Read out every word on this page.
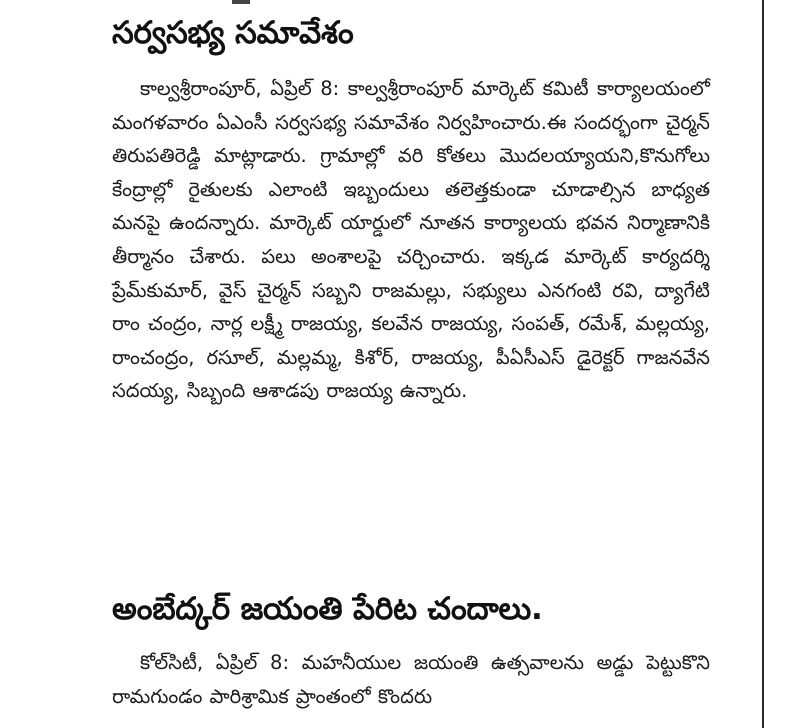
సర్వసభ్య సమావేశం

కాల్వశ్రీరాంపూర్, ఏప్రిల్ 8: కాల్వశ్రీరాంపూర్ మార్కెట్ కమిటీ కార్యాలయంలో మంగళవారం ఏఎంసీ సర్వసభ్య సమావేశం నిర్వహించారు.ఈ సందర్భంగా చైర్మన్ తిరుపతిరెడ్డి మాట్లాడారు. గ్రామాల్లో వరి కోతలు మొదలయ్యాయని,కొనుగోలు కేంద్రాల్లో రైతులకు ఎలాంటి ఇబ్బందులు తలెత్తకుండా చూడాల్సిన బాధ్యత మనపై ఉందన్నారు. మార్కెట్ యార్డులో నూతన కార్యాలయ భవన నిర్మాణానికి తీర్మానం చేశారు. పలు అంశాలపై చర్చించారు. ఇక్కడ మార్కెట్ కార్యదర్శి ప్రేమ్‌కుమార్, వైస్ చైర్మన్ సబ్బని రాజమల్లు, సభ్యులు ఎనగంటి రవి, ద్యాగేటి రాం చంద్రం, నార్ల లక్ష్మీ రాజయ్య, కలవేన రాజయ్య, సంపత్, రమేశ్, మల్లయ్య, రాంచంద్రం, రసూల్, మల్లమ్మ, కిశోర్, రాజయ్య, పీఏసీఎస్ డైరెక్టర్ గాజనవేన సదయ్య, సిబ్బంది ఆశాడపు రాజయ్య ఉన్నారు.

అంబేద్కర్ జయంతి పేరిట చందాలు.

కోల్‌సిటీ, ఏప్రిల్ 8: మహనీయుల జయంతి ఉత్సవాలను అడ్డు పెట్టుకొని రామగుండం పారిశ్రామిక ప్రాంతంలో కొందరు
